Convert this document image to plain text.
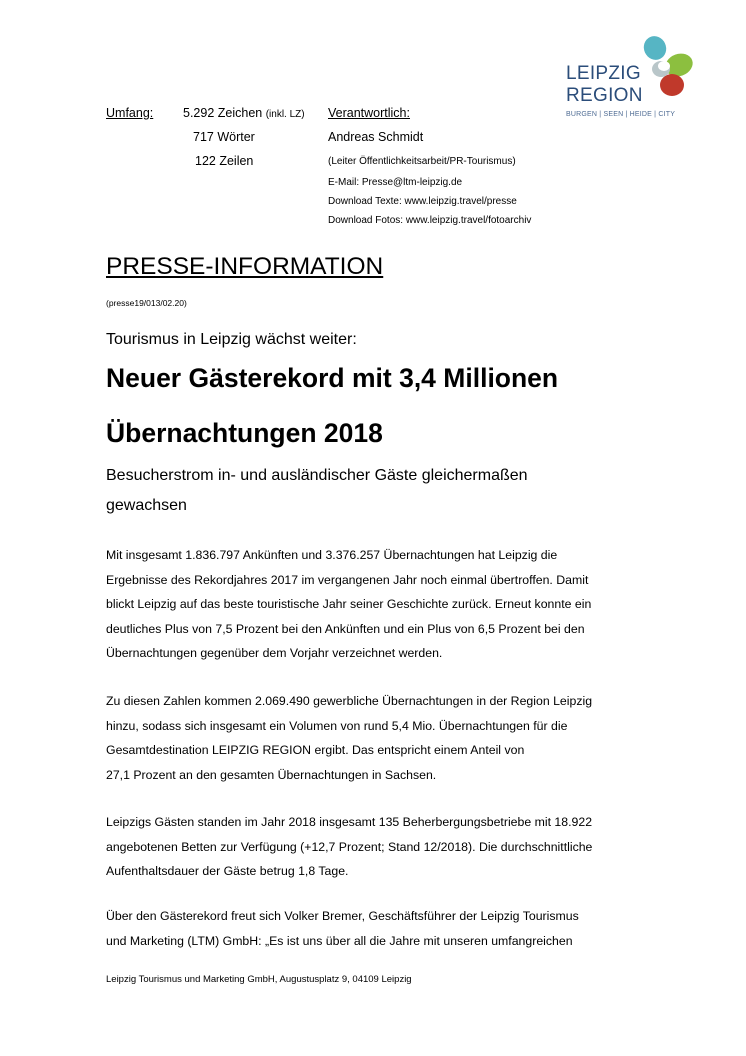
LEIPZIG
REGION
BURGEN | SEEN | HEIDE | CITY
Umfang: 5.292 Zeichen (inkl. LZ)
717 Wörter
122 Zeilen
Verantwortlich:
Andreas Schmidt
(Leiter Öffentlichkeitsarbeit/PR-Tourismus)
E-Mail: Presse@ltm-leipzig.de
Download Texte: www.leipzig.travel/presse
Download Fotos: www.leipzig.travel/fotoarchiv
PRESSE-INFORMATION
(presse19/013/02.20)
Tourismus in Leipzig wächst weiter:
Neuer Gästerekord mit 3,4 Millionen
Übernachtungen 2018
Besucherstrom in- und ausländischer Gäste gleichermaßen
gewachsen
Mit insgesamt 1.836.797 Ankünften und 3.376.257 Übernachtungen hat Leipzig die
Ergebnisse des Rekordjahres 2017 im vergangenen Jahr noch einmal übertroffen. Damit
blickt Leipzig auf das beste touristische Jahr seiner Geschichte zurück. Erneut konnte ein
deutliches Plus von 7,5 Prozent bei den Ankünften und ein Plus von 6,5 Prozent bei den
Übernachtungen gegenüber dem Vorjahr verzeichnet werden.
Zu diesen Zahlen kommen 2.069.490 gewerbliche Übernachtungen in der Region Leipzig
hinzu, sodass sich insgesamt ein Volumen von rund 5,4 Mio. Übernachtungen für die
Gesamtdestination LEIPZIG REGION ergibt. Das entspricht einem Anteil von
27,1 Prozent an den gesamten Übernachtungen in Sachsen.
Leipzigs Gästen standen im Jahr 2018 insgesamt 135 Beherbergungsbetriebe mit 18.922
angebotenen Betten zur Verfügung (+12,7 Prozent; Stand 12/2018). Die durchschnittliche
Aufenthaltsdauer der Gäste betrug 1,8 Tage.
Über den Gästerekord freut sich Volker Bremer, Geschäftsführer der Leipzig Tourismus
und Marketing (LTM) GmbH: „Es ist uns über all die Jahre mit unseren umfangreichen
Leipzig Tourismus und Marketing GmbH, Augustusplatz 9, 04109 Leipzig
